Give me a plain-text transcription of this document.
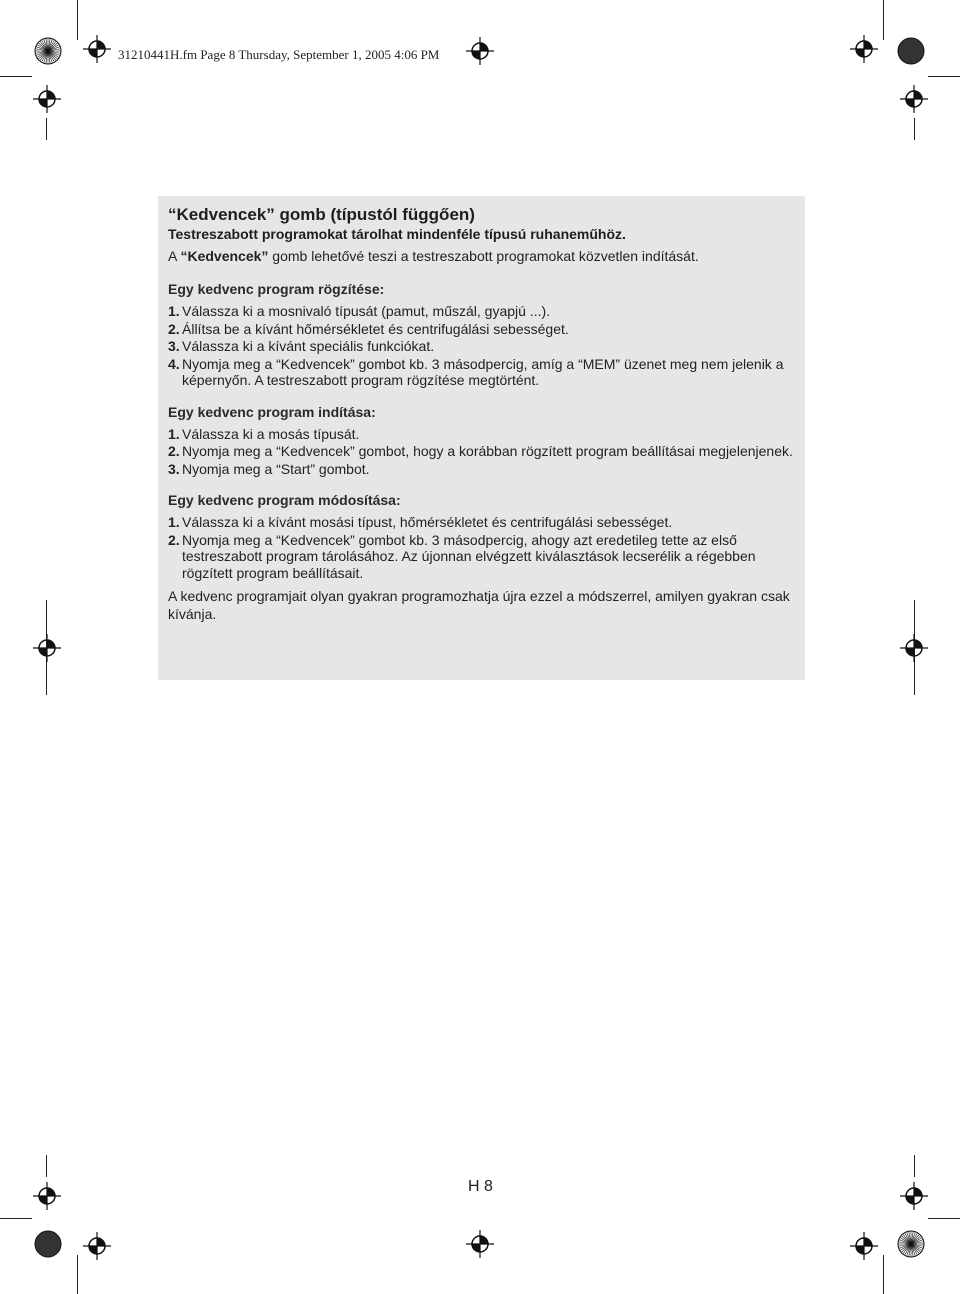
31210441H.fm Page 8 Thursday, September 1, 2005 4:06 PM
“Kedvencek” gomb (típustól függően)

Testreszabott programokat tárolhat mindenféle típusú ruhaneműhöz.

A “Kedvencek” gomb lehetővé teszi a testreszabott programokat közvetlen indítását.

Egy kedvenc program rögzítése:
1. Válassza ki a mosnivaló típusát (pamut, műszál, gyapjú ...).
2. Állítsa be a kívánt hőmérsékletet és centrifugálási sebességet.
3. Válassza ki a kívánt speciális funkciókat.
4. Nyomja meg a “Kedvencek” gombot kb. 3 másodpercig, amíg a “MEM” üzenet meg nem jelenik a képernyőn. A testreszabott program rögzítése megtörtént.
Egy kedvenc program indítása:
1. Válassza ki a mosás típusát.
2. Nyomja meg a “Kedvencek” gombot, hogy a korábban rögzített program beállításai megjelenjenek.
3. Nyomja meg a “Start” gombot.
Egy kedvenc program módosítása:
1. Válassza ki a kívánt mosási típust, hőmérsékletet és centrifugálási sebességet.
2. Nyomja meg a “Kedvencek” gombot kb. 3 másodpercig, ahogy azt eredetileg tette az első testreszabott program tárolásához. Az újonnan elvégzett kiválasztások lecserélik a régebben rögzített program beállításait.

A kedvenc programjait olyan gyakran programozhatja újra ezzel a módszerrel, amilyen gyakran csak kívánja.

H 8
